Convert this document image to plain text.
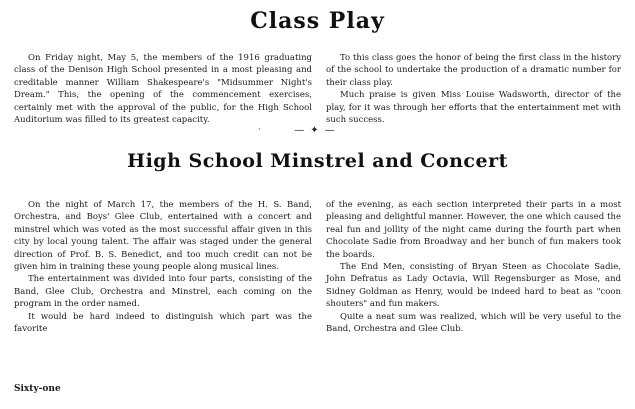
Class Play

On Friday night, May 5, the members of the 1916 graduating class of the Denison High School presented in a most pleasing and creditable manner William Shakespeare's "Midsummer Night's Dream." This, the opening of the commencement exercises, certainly met with the approval of the public, for the High School Auditorium was filled to its greatest capacity.

To this class goes the honor of being the first class in the history of the school to undertake the production of a dramatic number for their class play.

Much praise is given Miss Louise Wadsworth, director of the play, for it was through her efforts that the entertainment met with such success.

·	—✦—
High School Minstrel and Concert

On the night of March 17, the members of the H. S. Band, Orchestra, and Boys' Glee Club, entertained with a concert and minstrel which was voted as the most successful affair given in this city by local young talent. The affair was staged under the general direction of Prof. B. S. Benedict, and too much credit can not be given him in training these young people along musical lines.

The entertainment was divided into four parts, consisting of the Band, Glee Club, Orchestra and Minstrel, each coming on the program in the order named.

It would be hard indeed to distinguish which part was the favorite

of the evening, as each section interpreted their parts in a most pleasing and delightful manner. However, the one which caused the real fun and jollity of the night came during the fourth part when Chocolate Sadie from Broadway and her bunch of fun makers took the boards.

The End Men, consisting of Bryan Steen as Chocolate Sadie, John Defratus as Lady Octavia, Will Regensburger as Mose, and Sidney Goldman as Henry, would be indeed hard to beat as "coon shouters" and fun makers.

Quite a neat sum was realized, which will be very useful to the Band, Orchestra and Glee Club.

Sixty-one
